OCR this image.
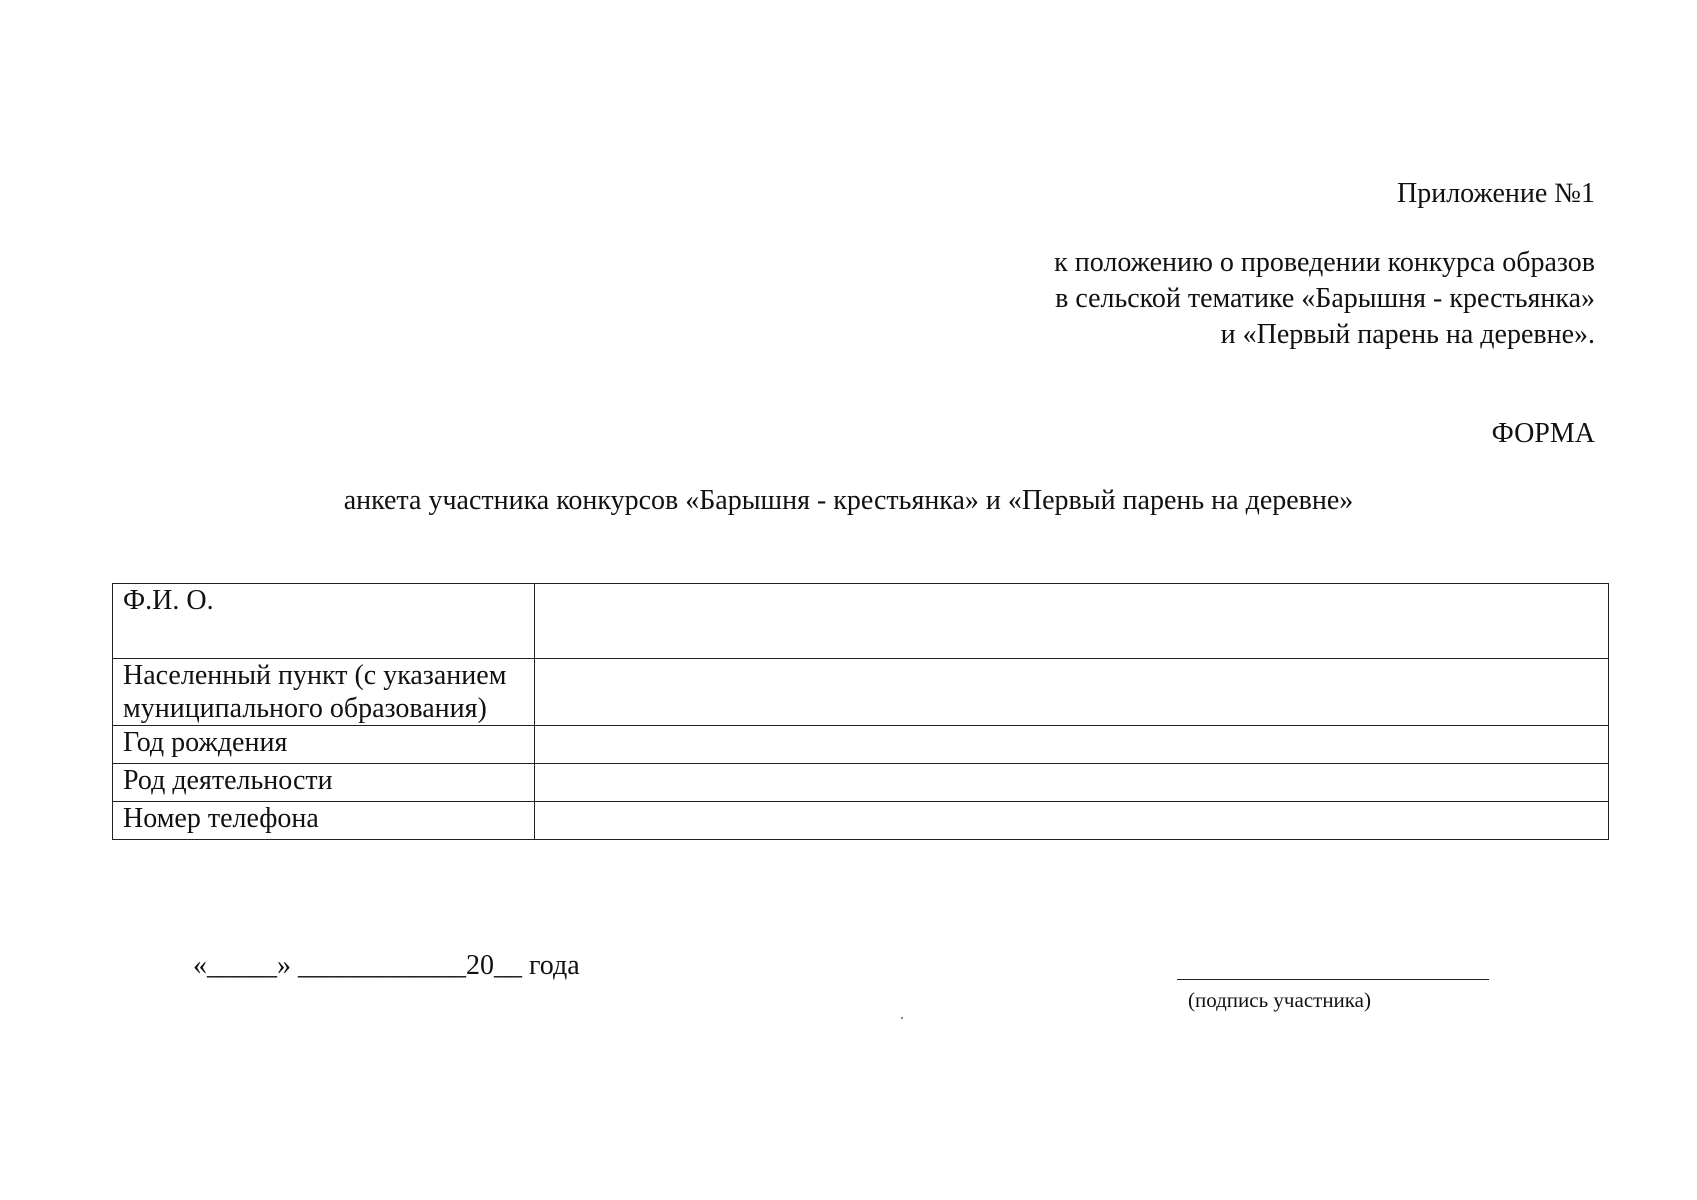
Приложение №1
к положению о проведении конкурса образов
в сельской тематике «Барышня - крестьянка»
и «Первый парень на деревне».
ФОРМА
анкета участника конкурсов «Барышня - крестьянка» и «Первый парень на деревне»
Ф.И. О.	

Населенный пункт (с указанием
муниципального образования)	

Год рождения	
Род деятельности	
Номер телефона	
«_____» ____________20__ года
(подпись участника)
